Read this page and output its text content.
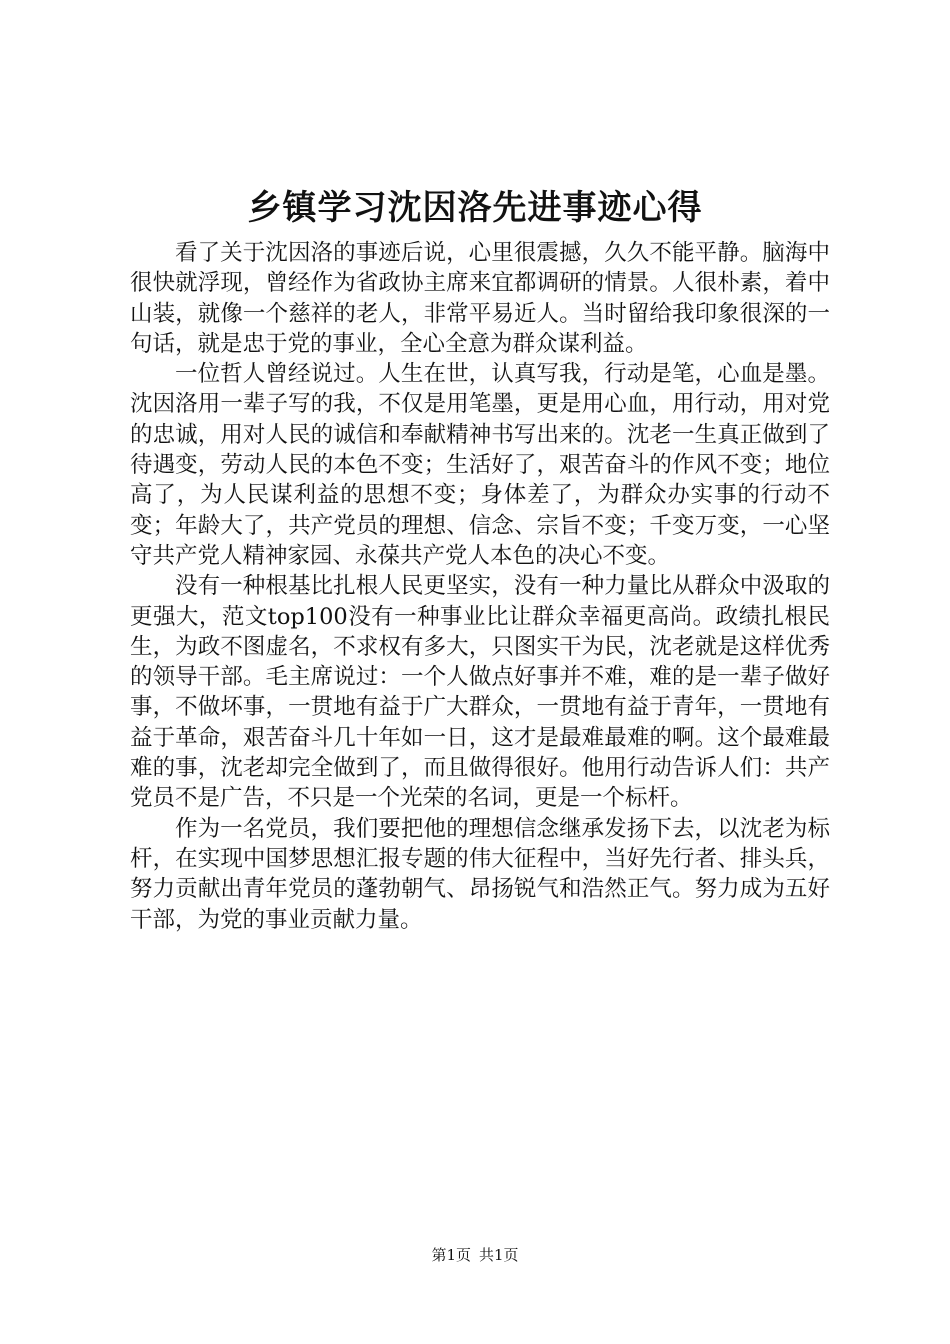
乡镇学习沈因洛先进事迹心得

看了关于沈因洛的事迹后说，心里很震撼，久久不能平静。脑海中很快就浮现，曾经作为省政协主席来宜都调研的情景。人很朴素，着中山装，就像一个慈祥的老人，非常平易近人。当时留给我印象很深的一句话，就是忠于党的事业，全心全意为群众谋利益。

一位哲人曾经说过。人生在世，认真写我，行动是笔，心血是墨。沈因洛用一辈子写的我，不仅是用笔墨，更是用心血，用行动，用对党的忠诚，用对人民的诚信和奉献精神书写出来的。沈老一生真正做到了待遇变，劳动人民的本色不变；生活好了，艰苦奋斗的作风不变；地位高了，为人民谋利益的思想不变；身体差了，为群众办实事的行动不变；年龄大了，共产党员的理想、信念、宗旨不变；千变万变，一心坚守共产党人精神家园、永葆共产党人本色的决心不变。

没有一种根基比扎根人民更坚实，没有一种力量比从群众中汲取的更强大，范文top100没有一种事业比让群众幸福更高尚。政绩扎根民生，为政不图虚名，不求权有多大，只图实干为民，沈老就是这样优秀的领导干部。毛主席说过：一个人做点好事并不难，难的是一辈子做好事，不做坏事，一贯地有益于广大群众，一贯地有益于青年，一贯地有益于革命，艰苦奋斗几十年如一日，这才是最难最难的啊。这个最难最难的事，沈老却完全做到了，而且做得很好。他用行动告诉人们：共产党员不是广告，不只是一个光荣的名词，更是一个标杆。

作为一名党员，我们要把他的理想信念继承发扬下去，以沈老为标杆，在实现中国梦思想汇报专题的伟大征程中，当好先行者、排头兵，努力贡献出青年党员的蓬勃朝气、昂扬锐气和浩然正气。努力成为五好干部，为党的事业贡献力量。

第1页 共1页
